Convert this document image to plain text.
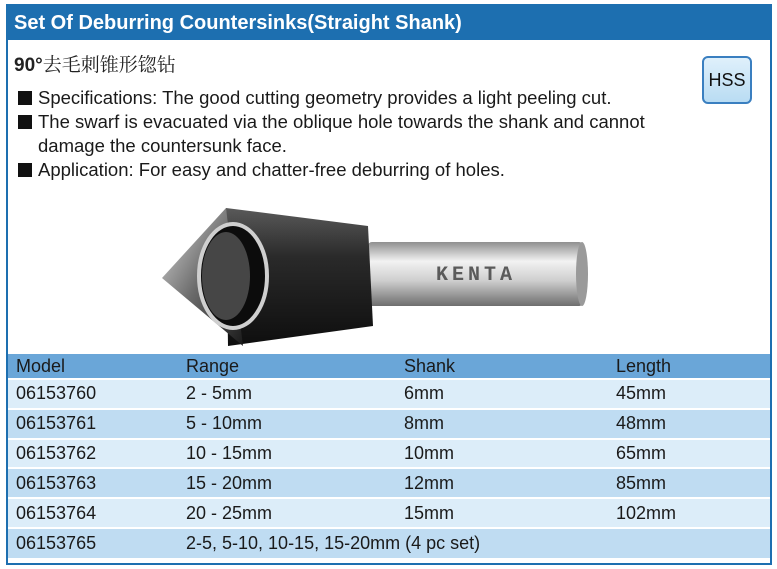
Set Of Deburring Countersinks(Straight Shank)
90°去毛刺锥形锪钻
HSS
Specifications: The good cutting geometry provides a light peeling cut.
The swarf is evacuated via the oblique hole towards the shank and cannot damage the countersunk face.
Application: For easy and chatter-free deburring of holes.
KENTA
Model	Range	Shank	Length
06153760	2 - 5mm	6mm	45mm
06153761	5 - 10mm	8mm	48mm
06153762	10 - 15mm	10mm	65mm
06153763	15 - 20mm	12mm	85mm
06153764	20 - 25mm	15mm	102mm
06153765	2-5, 5-10, 10-15, 15-20mm (4 pc set)		
